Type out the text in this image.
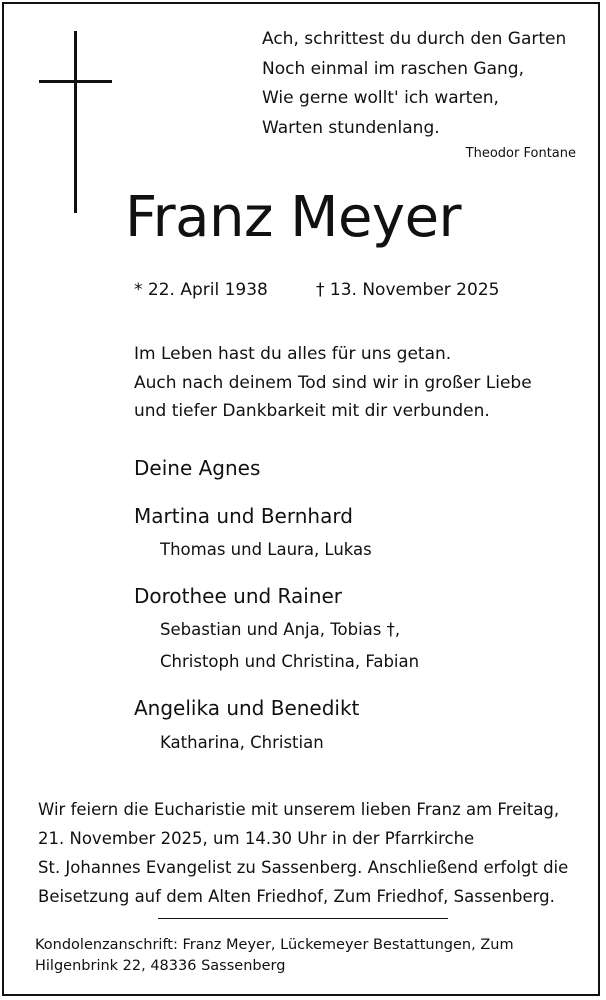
Ach, schrittest du durch den Garten
Noch einmal im raschen Gang,
Wie gerne wollt' ich warten,
Warten stundenlang.
Theodor Fontane
Franz Meyer
* 22. April 1938	† 13. November 2025
Im Leben hast du alles für uns getan.
Auch nach deinem Tod sind wir in großer Liebe
und tiefer Dankbarkeit mit dir verbunden.
Deine Agnes
Martina und Bernhard
Thomas und Laura, Lukas
Dorothee und Rainer
Sebastian und Anja, Tobias †,
Christoph und Christina, Fabian
Angelika und Benedikt
Katharina, Christian
Wir feiern die Eucharistie mit unserem lieben Franz am Freitag,
21. November 2025, um 14.30 Uhr in der Pfarrkirche
St. Johannes Evangelist zu Sassenberg. Anschließend erfolgt die
Beisetzung auf dem Alten Friedhof, Zum Friedhof, Sassenberg.
Kondolenzanschrift: Franz Meyer, Lückemeyer Bestattungen, Zum
Hilgenbrink 22, 48336 Sassenberg
